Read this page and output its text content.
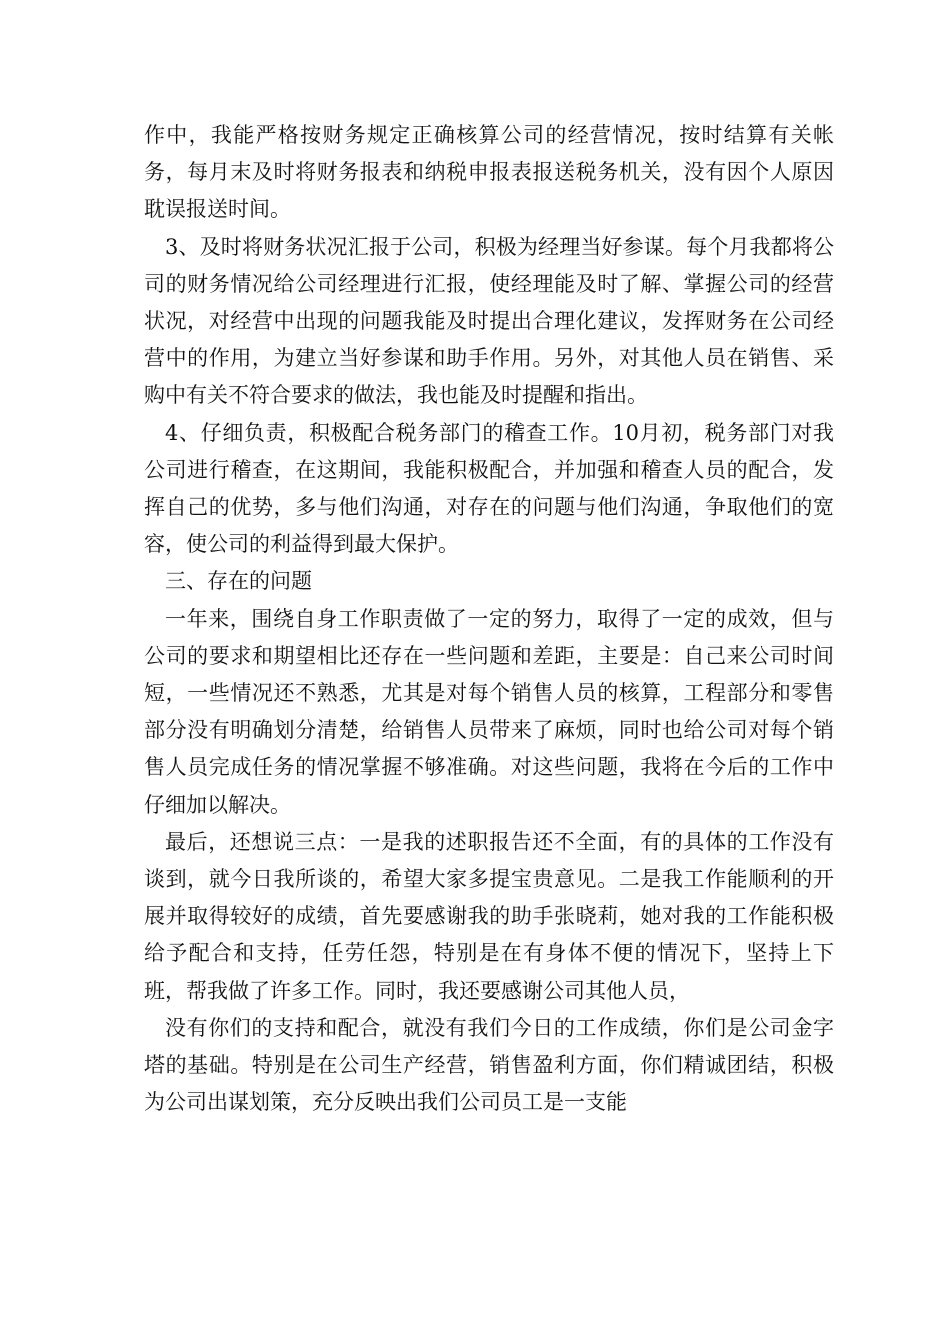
作中，我能严格按财务规定正确核算公司的经营情况，按时结算有关帐务，每月末及时将财务报表和纳税申报表报送税务机关，没有因个人原因耽误报送时间。

3、及时将财务状况汇报于公司，积极为经理当好参谋。每个月我都将公司的财务情况给公司经理进行汇报，使经理能及时了解、掌握公司的经营状况，对经营中出现的问题我能及时提出合理化建议，发挥财务在公司经营中的作用，为建立当好参谋和助手作用。另外，对其他人员在销售、采购中有关不符合要求的做法，我也能及时提醒和指出。

4、仔细负责，积极配合税务部门的稽查工作。10月初，税务部门对我公司进行稽查，在这期间，我能积极配合，并加强和稽查人员的配合，发挥自己的优势，多与他们沟通，对存在的问题与他们沟通，争取他们的宽容，使公司的利益得到最大保护。

三、存在的问题

一年来，围绕自身工作职责做了一定的努力，取得了一定的成效，但与公司的要求和期望相比还存在一些问题和差距，主要是：自己来公司时间短，一些情况还不熟悉，尤其是对每个销售人员的核算，工程部分和零售部分没有明确划分清楚，给销售人员带来了麻烦，同时也给公司对每个销售人员完成任务的情况掌握不够准确。对这些问题，我将在今后的工作中仔细加以解决。

最后，还想说三点：一是我的述职报告还不全面，有的具体的工作没有谈到，就今日我所谈的，希望大家多提宝贵意见。二是我工作能顺利的开展并取得较好的成绩，首先要感谢我的助手张晓莉，她对我的工作能积极给予配合和支持，任劳任怨，特别是在有身体不便的情况下，坚持上下班，帮我做了许多工作。同时，我还要感谢公司其他人员，

没有你们的支持和配合，就没有我们今日的工作成绩，你们是公司金字塔的基础。特别是在公司生产经营，销售盈利方面，你们精诚团结，积极为公司出谋划策，充分反映出我们公司员工是一支能
